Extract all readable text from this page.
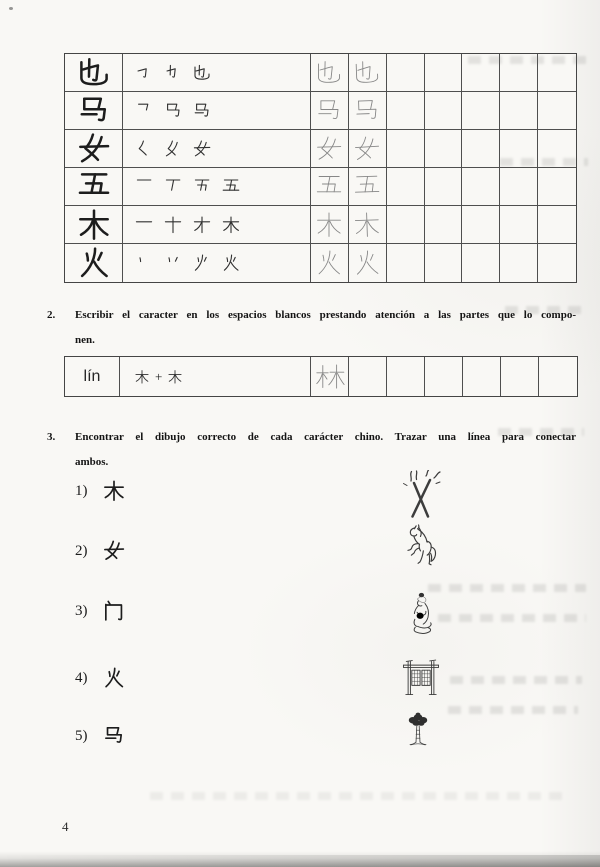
2. Escribir el caracter en los espacios blancos prestando atención a las partes que lo compo-
nen.
lín	+
3. Encontrar el dibujo correcto de cada carácter chino. Trazar una línea para conectar
ambos.
1)
2)
3)
4)
5)
4
